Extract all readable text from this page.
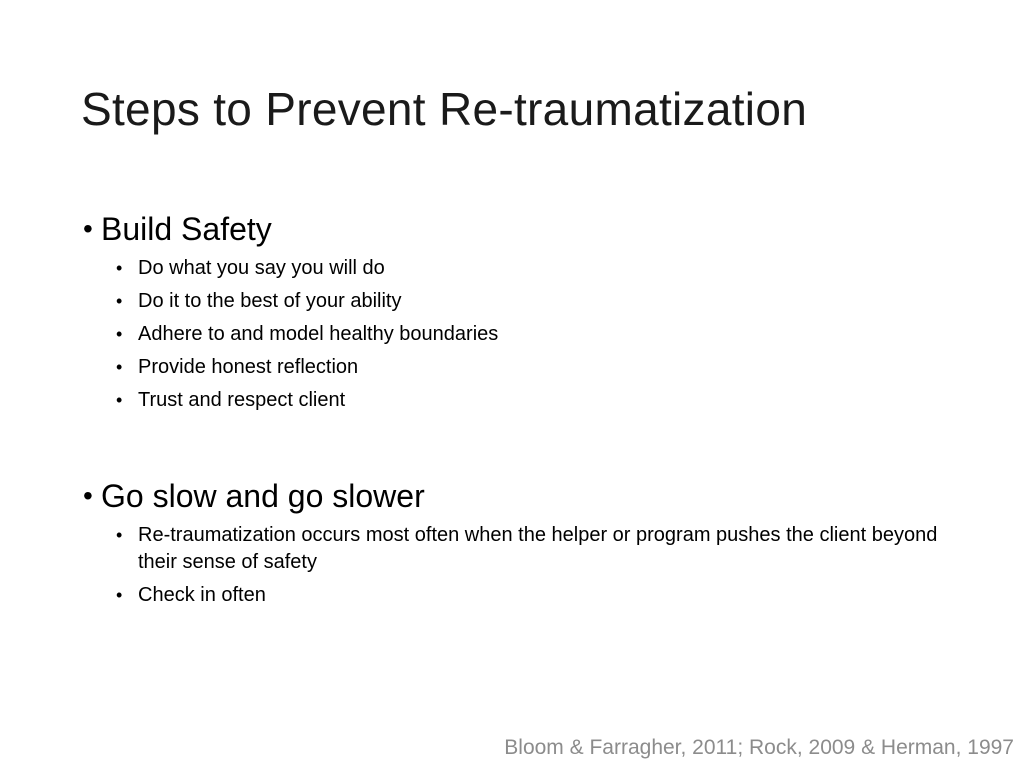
Steps to Prevent Re-traumatization
• Build Safety
• Do what you say you will do
• Do it to the best of your ability
• Adhere to and model healthy boundaries
• Provide honest reflection
• Trust and respect client
• Go slow and go slower
• Re-traumatization occurs most often when the helper or program pushes the client beyond their sense of safety
• Check in often
Bloom & Farragher, 2011; Rock, 2009 & Herman, 1997
